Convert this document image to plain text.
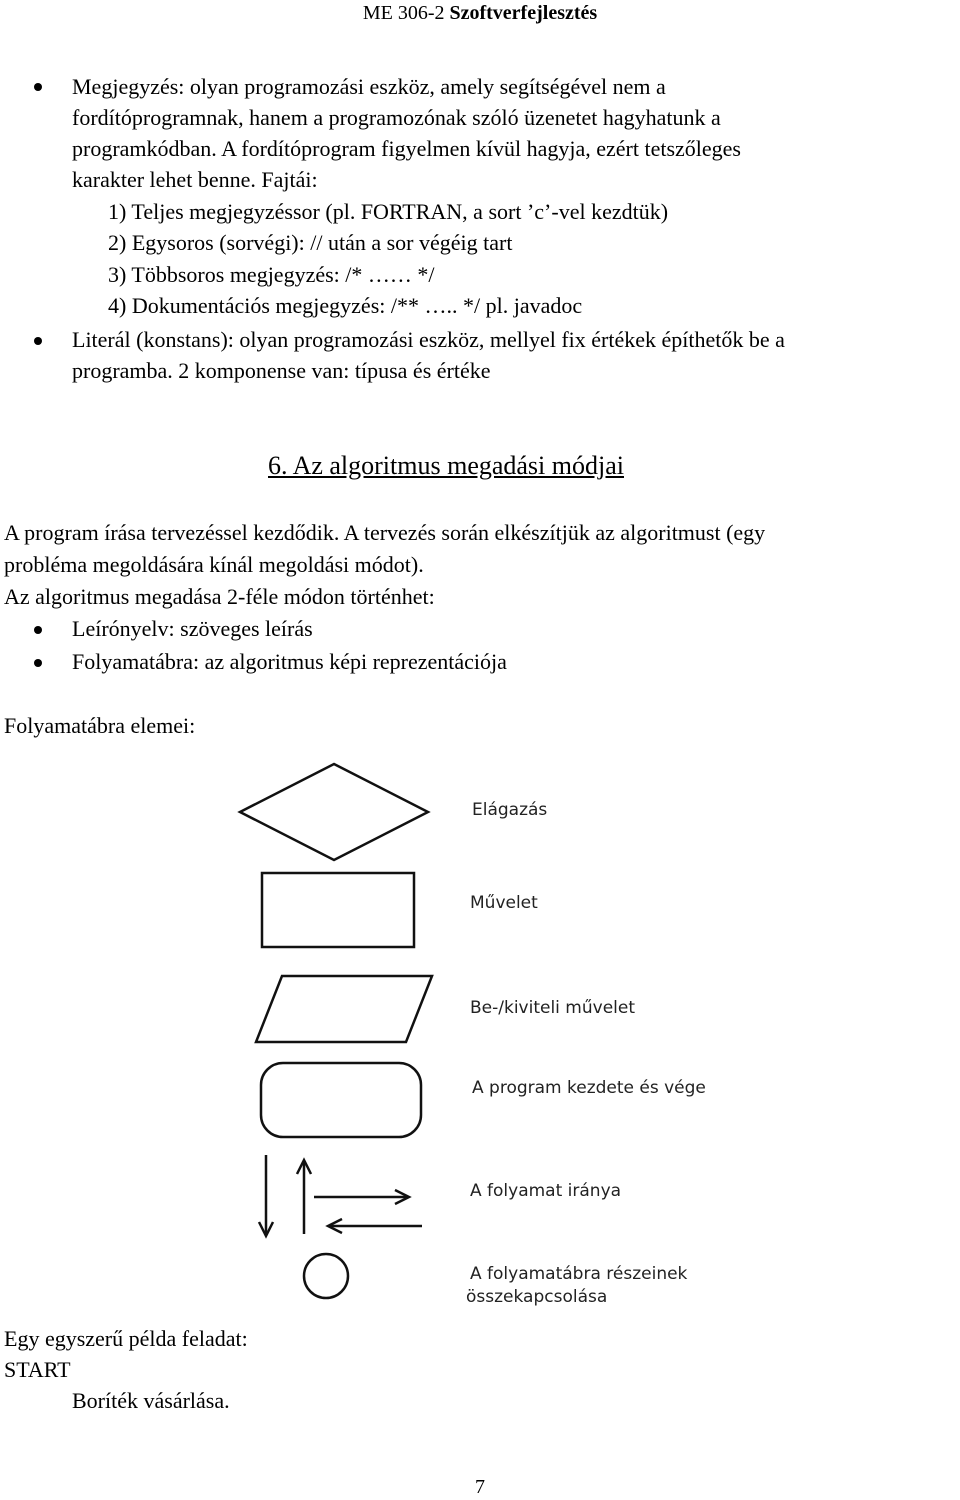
ME 306-2 Szoftverfejlesztés
Megjegyzés: olyan programozási eszköz, amely segítségével nem a
fordítóprogramnak, hanem a programozónak szóló üzenetet hagyhatunk a
programkódban. A fordítóprogram figyelmen kívül hagyja, ezért tetszőleges
karakter lehet benne. Fajtái:
1) Teljes megjegyzéssor (pl. FORTRAN, a sort ’c’-vel kezdtük)
2) Egysoros (sorvégi): // után a sor végéig tart
3) Többsoros megjegyzés: /* …… */
4) Dokumentációs megjegyzés: /** ….. */ pl. javadoc
Literál (konstans): olyan programozási eszköz, mellyel fix értékek építhetők be a
programba. 2 komponense van: típusa és értéke
6. Az algoritmus megadási módjai
A program írása tervezéssel kezdődik. A tervezés során elkészítjük az algoritmust (egy
probléma megoldására kínál megoldási módot).
Az algoritmus megadása 2-féle módon történhet:
Leírónyelv: szöveges leírás
Folyamatábra: az algoritmus képi reprezentációja
Folyamatábra elemei:
Elágazás
Művelet
Be-/kiviteli művelet
A program kezdete és vége
A folyamat iránya
A folyamatábra részeinek
összekapcsolása
Egy egyszerű példa feladat:
START
Boríték vásárlása.
7
